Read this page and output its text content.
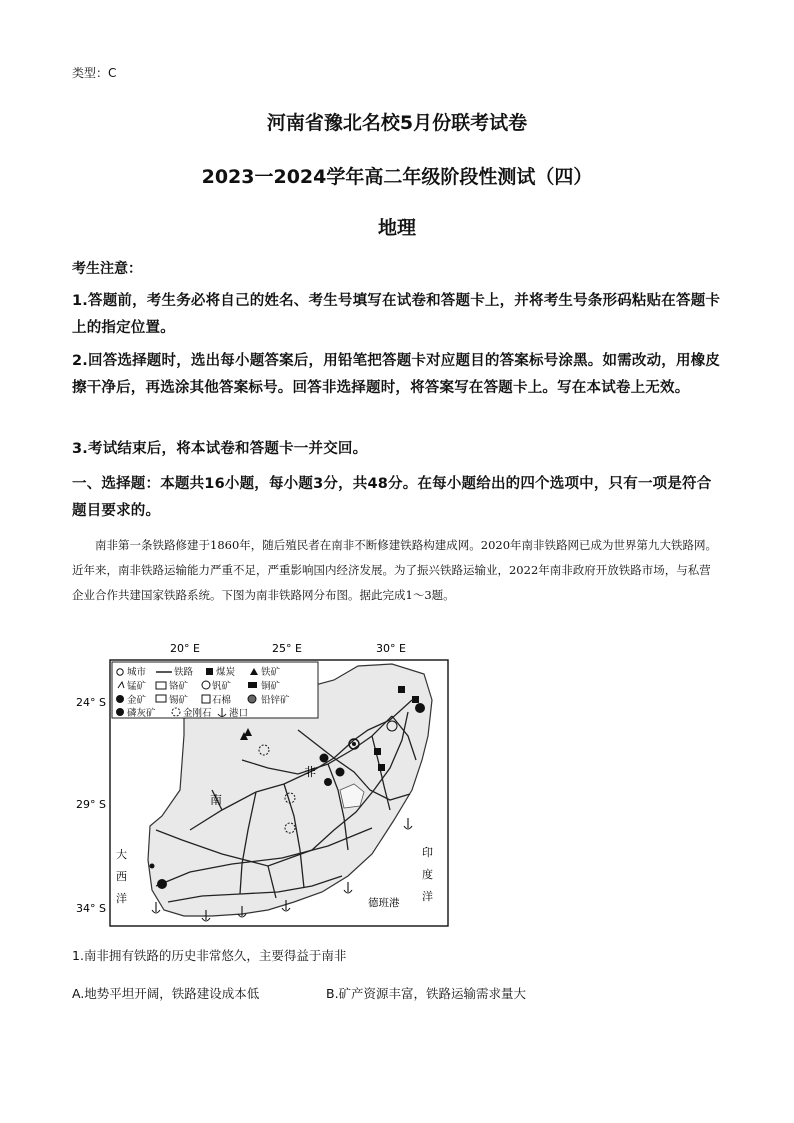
类型：C
河南省豫北名校5月份联考试卷
2023一2024学年高二年级阶段性测试（四）
地理
考生注意：
1.答题前，考生务必将自己的姓名、考生号填写在试卷和答题卡上，并将考生号条形码粘贴在答题卡上的指定位置。
2.回答选择题时，选出每小题答案后，用铅笔把答题卡对应题目的答案标号涂黑。如需改动，用橡皮擦干净后，再选涂其他答案标号。回答非选择题时，将答案写在答题卡上。写在本试卷上无效。
3.考试结束后，将本试卷和答题卡一并交回。
一、选择题：本题共16小题，每小题3分，共48分。在每小题给出的四个选项中，只有一项是符合题目要求的。
南非第一条铁路修建于1860年，随后殖民者在南非不断修建铁路构建成网。2020年南非铁路网已成为世界第九大铁路网。近年来，南非铁路运输能力严重不足，严重影响国内经济发展。为了振兴铁路运输业，2022年南非政府开放铁路市场，与私营企业合作共建国家铁路系统。下图为南非铁路网分布图。据此完成1～3题。
20° E	25° E	30° E
24° S
29° S
34° S
城市	铁路 煤炭	铁矿
锰矿 铬矿	钒矿	铜矿
金矿 锡矿	石棉	铅锌矿
磷灰矿	金刚石 港口
南
非
大
西
洋
印
度
洋
德班港
1.南非拥有铁路的历史非常悠久，主要得益于南非
A.地势平坦开阔，铁路建设成本低	B.矿产资源丰富，铁路运输需求量大
